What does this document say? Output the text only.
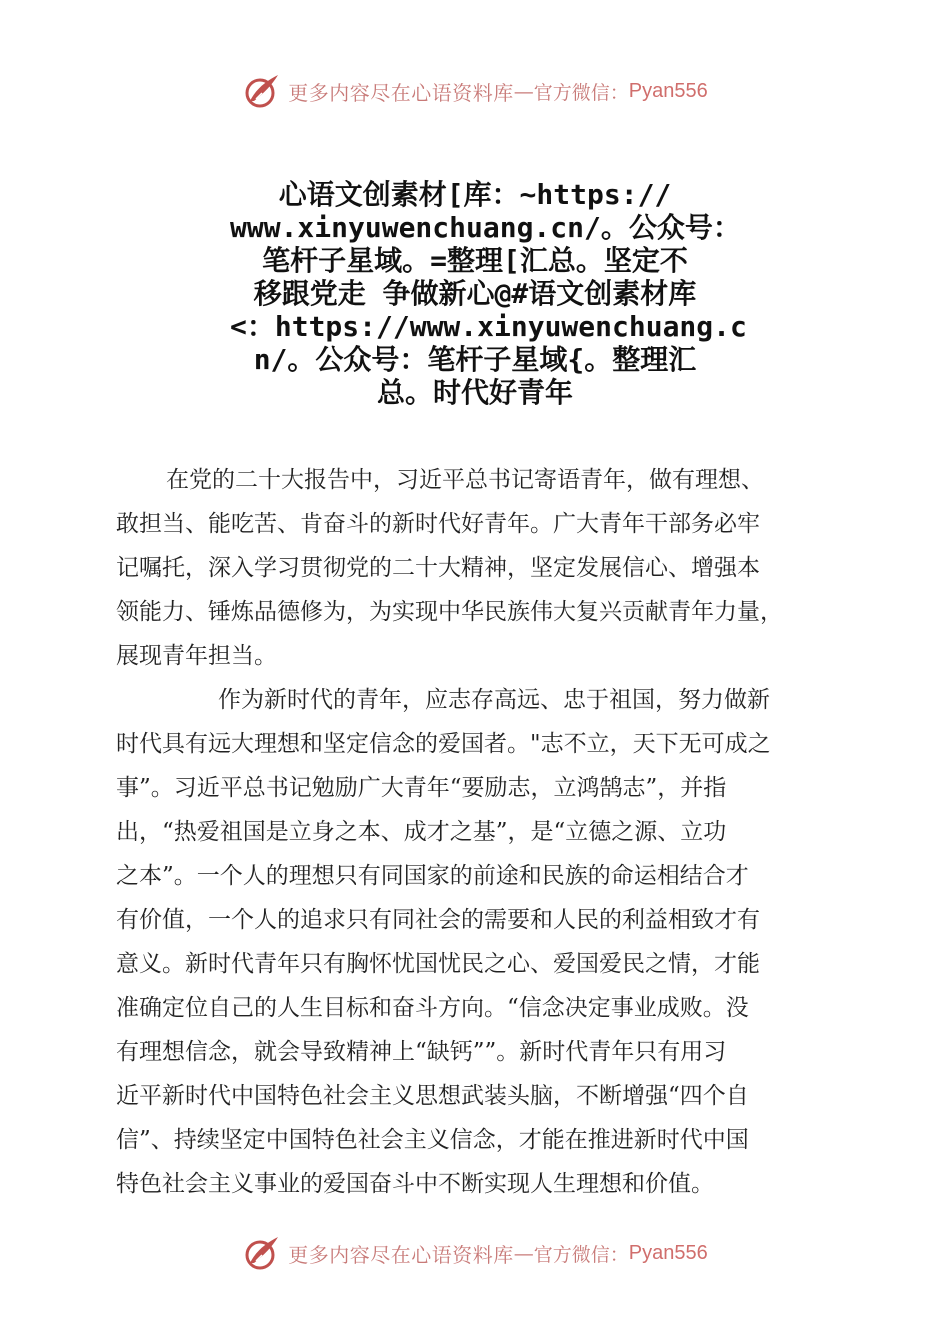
更多内容尽在心语资料库 — 官方微信： Pyan556
心语文创素材[库：~https://
www.xinyuwenchuang.cn/。公众号：
笔杆子星域。=整理[汇总。坚定不
移跟党走 争做新心@#语文创素材库
<：https://www.xinyuwenchuang.c
n/。公众号：笔杆子星域{。整理汇
总。时代好青年
在党的二十大报告中，习近平总书记寄语青年，做有理想、
敢担当、能吃苦、肯奋斗的新时代好青年。广大青年干部务必牢
记嘱托，深入学习贯彻党的二十大精神，坚定发展信心、增强本
领能力、锤炼品德修为，为实现中华民族伟大复兴贡献青年力量，
展现青年担当。
作为新时代的青年，应志存高远、忠于祖国，努力做新
时代具有远大理想和坚定信念的爱国者。"志不立，天下无可成之
事”。习近平总书记勉励广大青年“要励志，立鸿鹄志”，并指
出，“热爱祖国是立身之本、成才之基”，是“立德之源、立功
之本”。一个人的理想只有同国家的前途和民族的命运相结合才
有价值，一个人的追求只有同社会的需要和人民的利益相致才有
意义。新时代青年只有胸怀忧国忧民之心、爱国爱民之情，才能
准确定位自己的人生目标和奋斗方向。“信念决定事业成败。没
有理想信念，就会导致精神上“缺钙””。新时代青年只有用习
近平新时代中国特色社会主义思想武装头脑，不断增强“四个自
信”、持续坚定中国特色社会主义信念，才能在推进新时代中国
特色社会主义事业的爱国奋斗中不断实现人生理想和价值。
更多内容尽在心语资料库 — 官方微信： Pyan556
